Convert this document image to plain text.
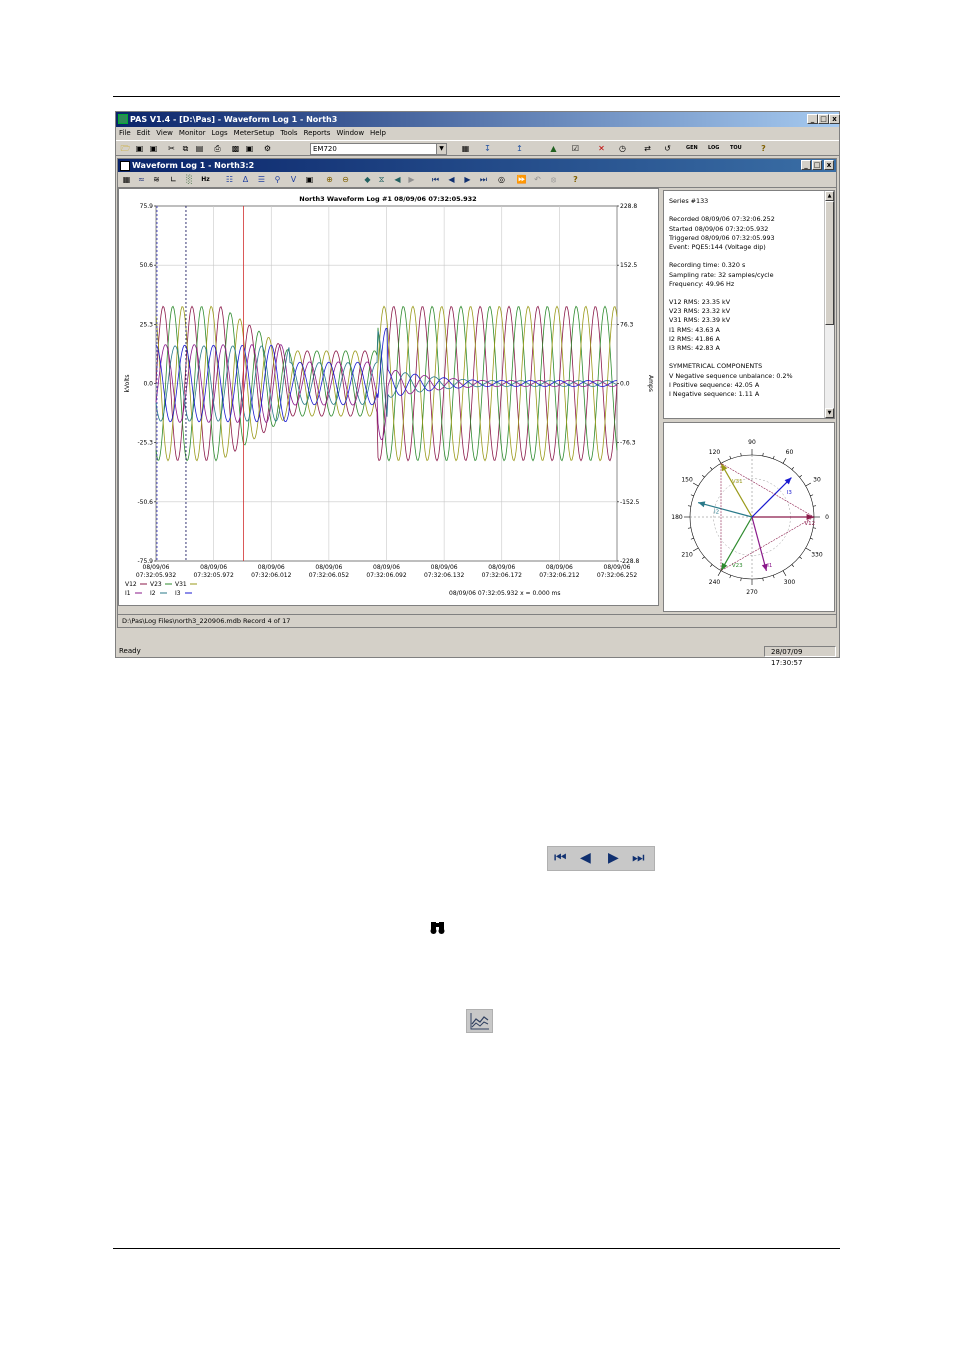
PAS V1.4 - [D:\Pas] - Waveform Log 1 - North3	_ □ x
File Edit View Monitor Logs MeterSetup Tools Reports Window Help
🗁 ▣ ▣ ✂ ⧉ ▤ ⎙ ▩ ▣ ⚙	EM720	▼ ▦ ↧	↥	▲	☑ ✕ ◷ ⇄ ↺	GEN LOG TOU	?
Waveform Log 1 - North3:2	_ □ x
▦ ≈ ≋ ∟	░	Hz ☷	Δ	☰	⚲	V	▣ ⊕ ⊖	◆	⧖	◀ ▶	⏮	◀	▶	⏭ ◎ ⏩ ↶	⦻	?
North3 Waveform Log #1 08/09/06 07:32:05.932
75.9	228.8
50.6	152.5
25.3	76.3
0.0	0.0
-25.3	-76.3
-50.6	-152.5
-75.9	-228.8
08/09/06
07:32:05.932
08/09/06
07:32:05.972
08/09/06
07:32:06.012
08/09/06
07:32:06.052
08/09/06
07:32:06.092
08/09/06
07:32:06.132
08/09/06
07:32:06.172
08/09/06
07:32:06.212
08/09/06
07:32:06.252
kVolts	Amps
V12 V23 V31
I1	I2	I3	08/09/06 07:32:05.932 x = 0.000 ms
Series #133
Recorded 08/09/06 07:32:06.252
Started 08/09/06 07:32:05.932
Triggered 08/09/06 07:32:05.993
Event: PQE5:144 (Voltage dip)
Recording time: 0.320 s
Sampling rate: 32 samples/cycle
Frequency: 49.96 Hz
V12 RMS: 23.35 kV
V23 RMS: 23.32 kV
V31 RMS: 23.39 kV
I1 RMS: 43.63 A
I2 RMS: 41.86 A
I3 RMS: 42.83 A
SYMMETRICAL COMPONENTS
V Negative sequence unbalance: 0.2%
I Positive sequence: 42.05 A
I Negative sequence: 1.11 A
▲
▼
90
60
30
0
330
300
270
240
210
180
150
120
V12
V23
V31
I1
I2
I3
D:\Pas\Log Files\north3_220906.mdb Record 4 of 17
Ready	28/07/09 17:30:57
⏮ ◀ ▶ ⏭
